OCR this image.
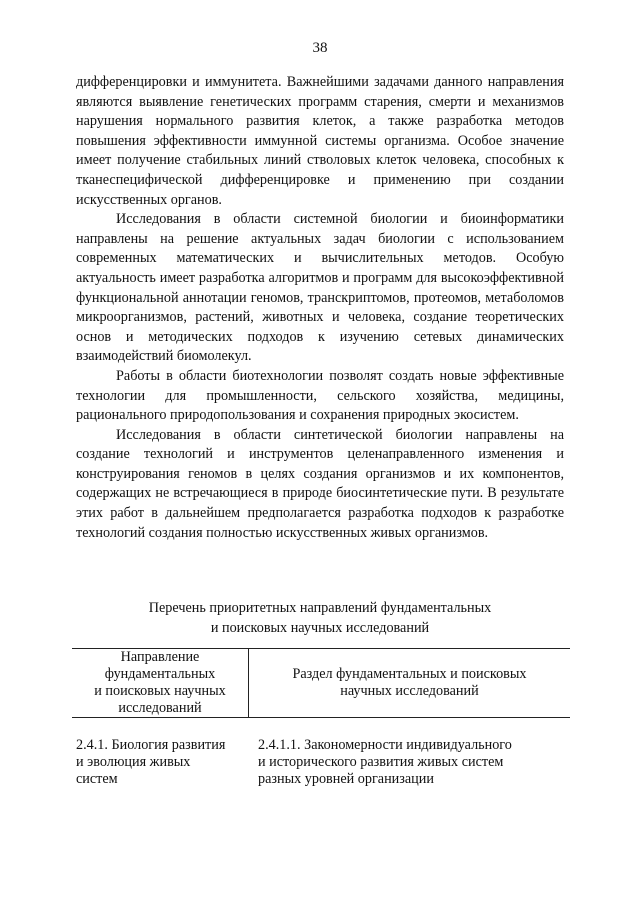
38

дифференцировки и иммунитета. Важнейшими задачами данного направления являются выявление генетических программ старения, смерти и механизмов нарушения нормального развития клеток, а также разработка методов повышения эффективности иммунной системы организма. Особое значение имеет получение стабильных линий стволовых клеток человека, способных к тканеспецифической дифференцировке и применению при создании искусственных органов.

Исследования в области системной биологии и биоинформатики направлены на решение актуальных задач биологии с использованием современных математических и вычислительных методов. Особую актуальность имеет разработка алгоритмов и программ для высокоэффективной функциональной аннотации геномов, транскриптомов, протеомов, метаболомов микроорганизмов, растений, животных и человека, создание теоретических основ и методических подходов к изучению сетевых динамических взаимодействий биомолекул.

Работы в области биотехнологии позволят создать новые эффективные технологии для промышленности, сельского хозяйства, медицины, рационального природопользования и сохранения природных экосистем.

Исследования в области синтетической биологии направлены на создание технологий и инструментов целенаправленного изменения и конструирования геномов в целях создания организмов и их компонентов, содержащих не встречающиеся в природе биосинтетические пути. В результате этих работ в дальнейшем предполагается разработка подходов к разработке технологий создания полностью искусственных живых организмов.

Перечень приоритетных направлений фундаментальных
и поисковых научных исследований
Направление
фундаментальных
и поисковых научных
исследований
Раздел фундаментальных и поисковых
научных исследований
2.4.1. Биология развития
и эволюция живых
систем
2.4.1.1. Закономерности индивидуального
и исторического развития живых систем
разных уровней организации
